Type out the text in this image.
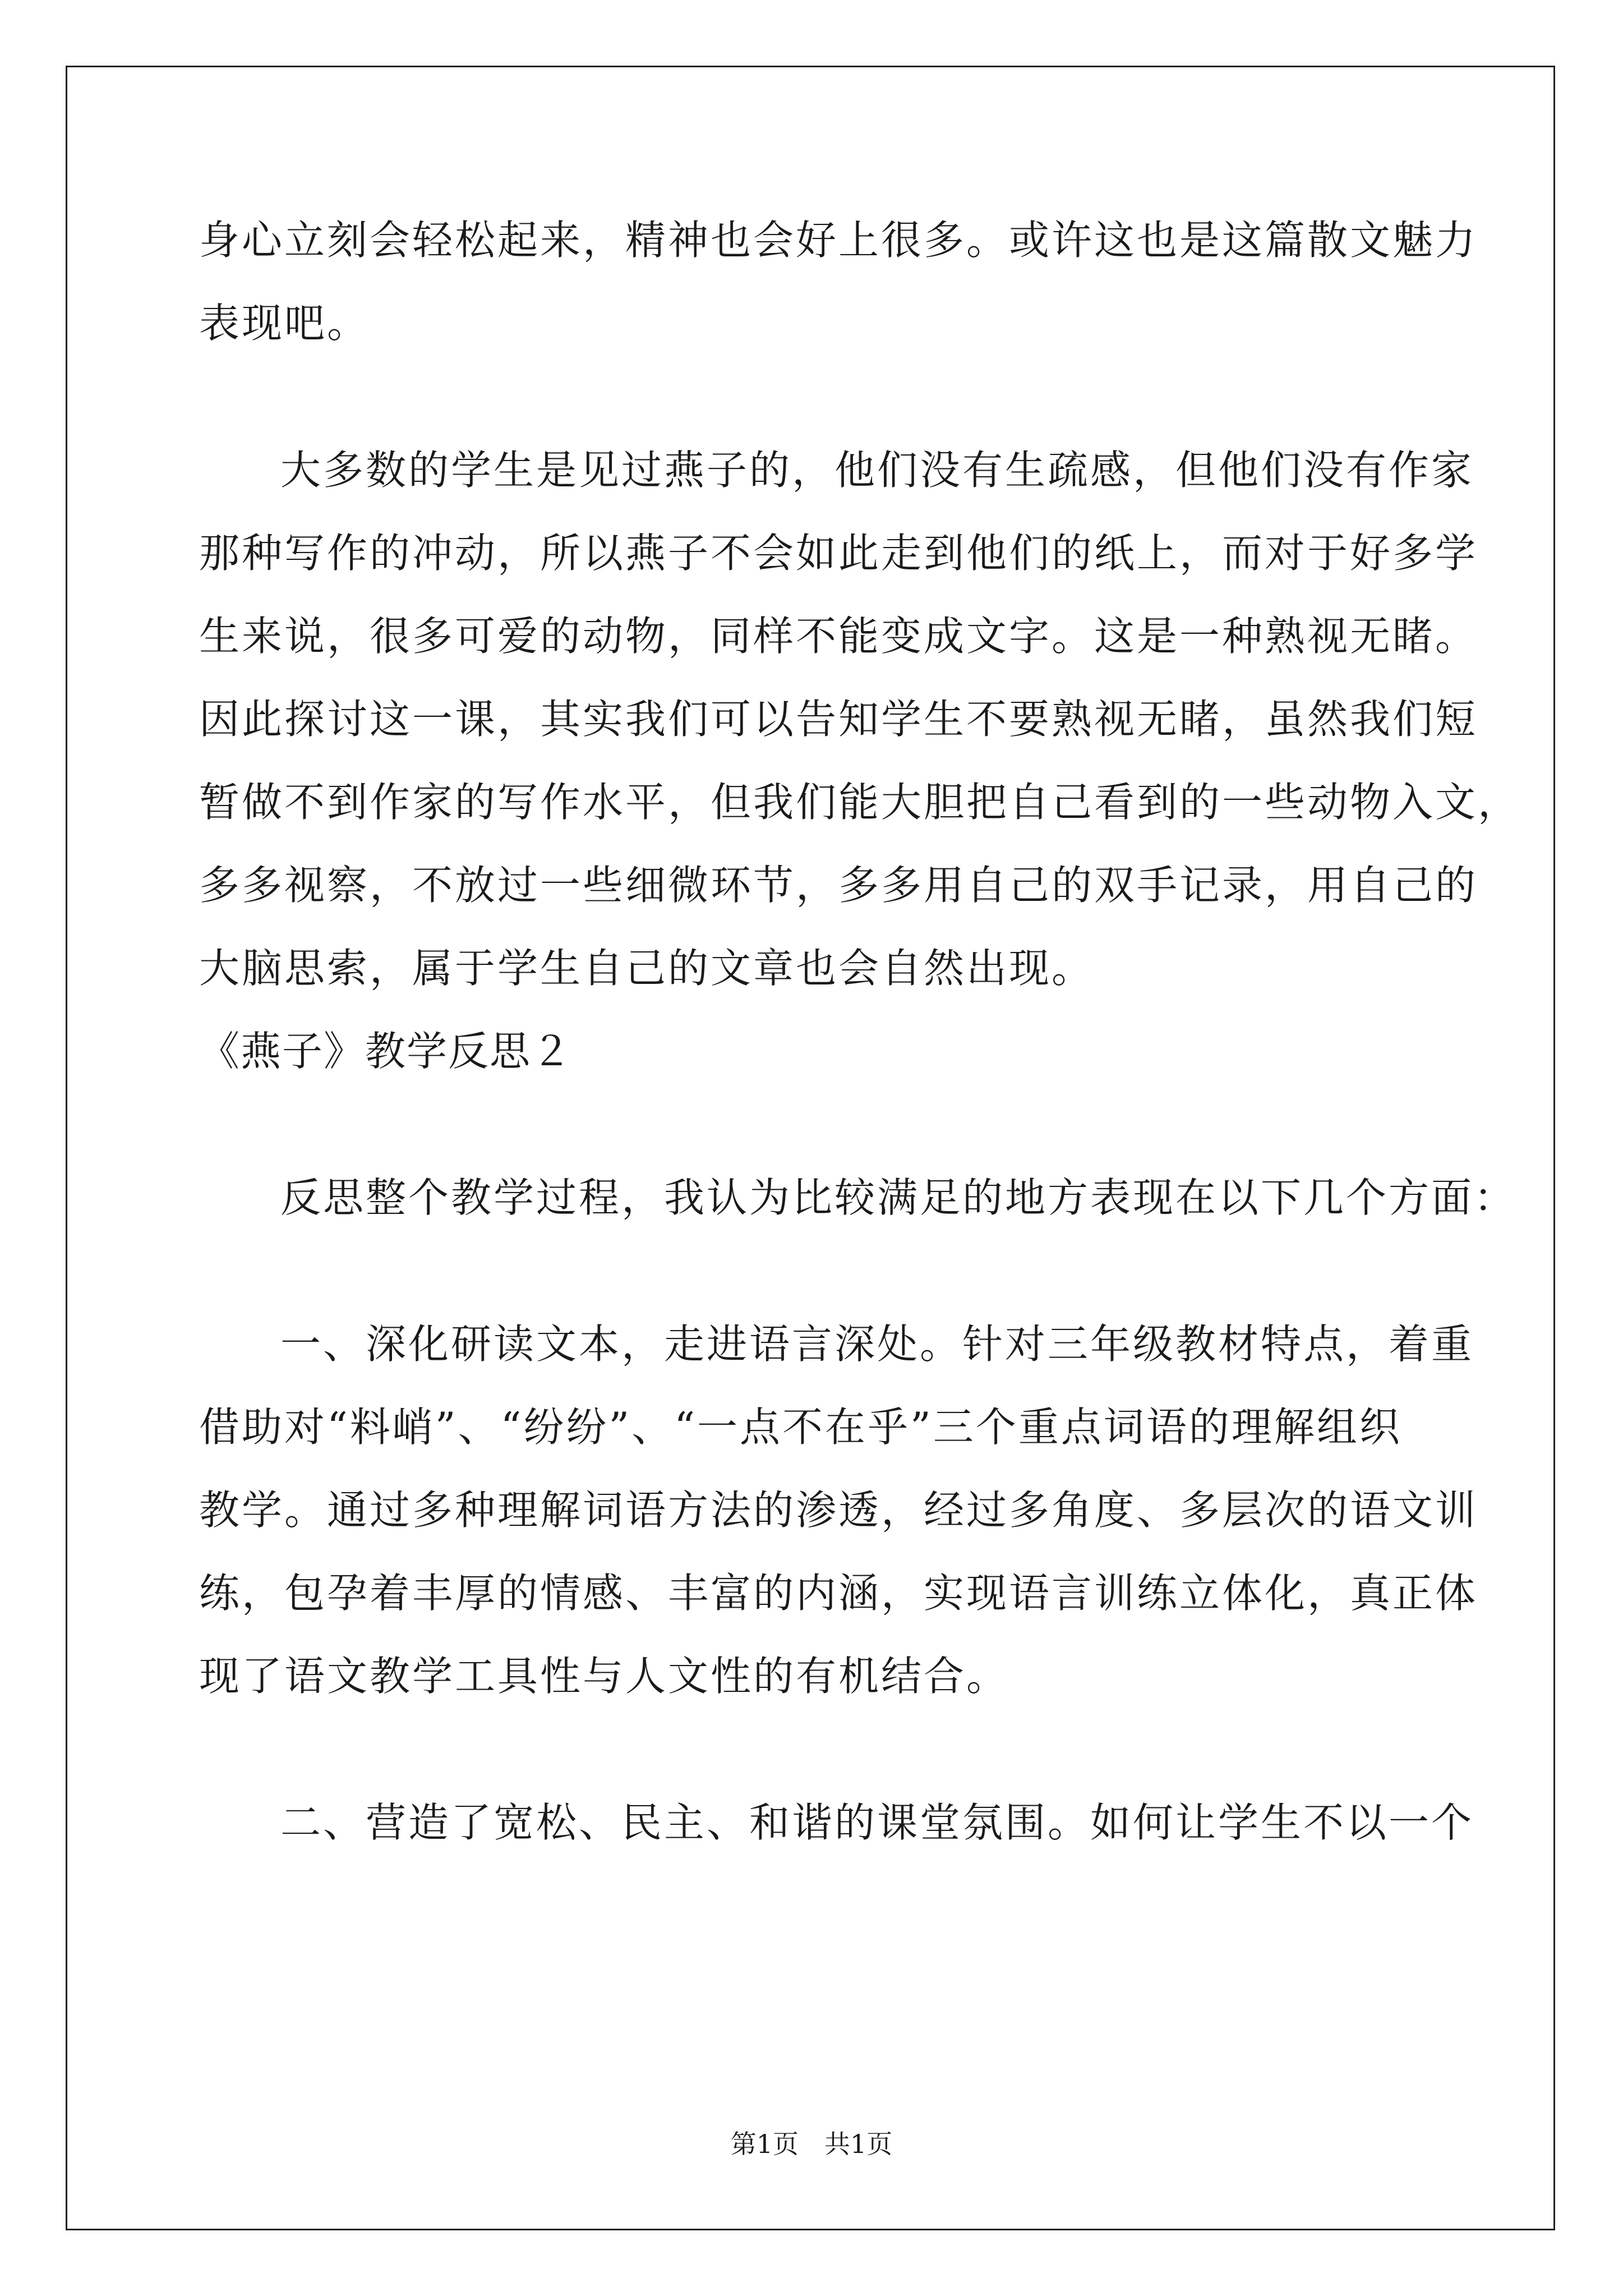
身心立刻会轻松起来，精神也会好上很多。或许这也是这篇散文魅力

表现吧。

大多数的学生是见过燕子的，他们没有生疏感，但他们没有作家

那种写作的冲动，所以燕子不会如此走到他们的纸上，而对于好多学

生来说，很多可爱的动物，同样不能变成文字。这是一种熟视无睹。

因此探讨这一课，其实我们可以告知学生不要熟视无睹，虽然我们短

暂做不到作家的写作水平，但我们能大胆把自己看到的一些动物入文，

多多视察，不放过一些细微环节，多多用自己的双手记录，用自己的

大脑思索，属于学生自己的文章也会自然出现。

《燕子》教学反思２

反思整个教学过程，我认为比较满足的地方表现在以下几个方面：

一、深化研读文本，走进语言深处。针对三年级教材特点，着重

借助对“料峭”、“纷纷”、“一点不在乎”三个重点词语的理解组织

教学。通过多种理解词语方法的渗透，经过多角度、多层次的语文训

练，包孕着丰厚的情感、丰富的内涵，实现语言训练立体化，真正体

现了语文教学工具性与人文性的有机结合。

二、营造了宽松、民主、和谐的课堂氛围。如何让学生不以一个

第1页　共1页
